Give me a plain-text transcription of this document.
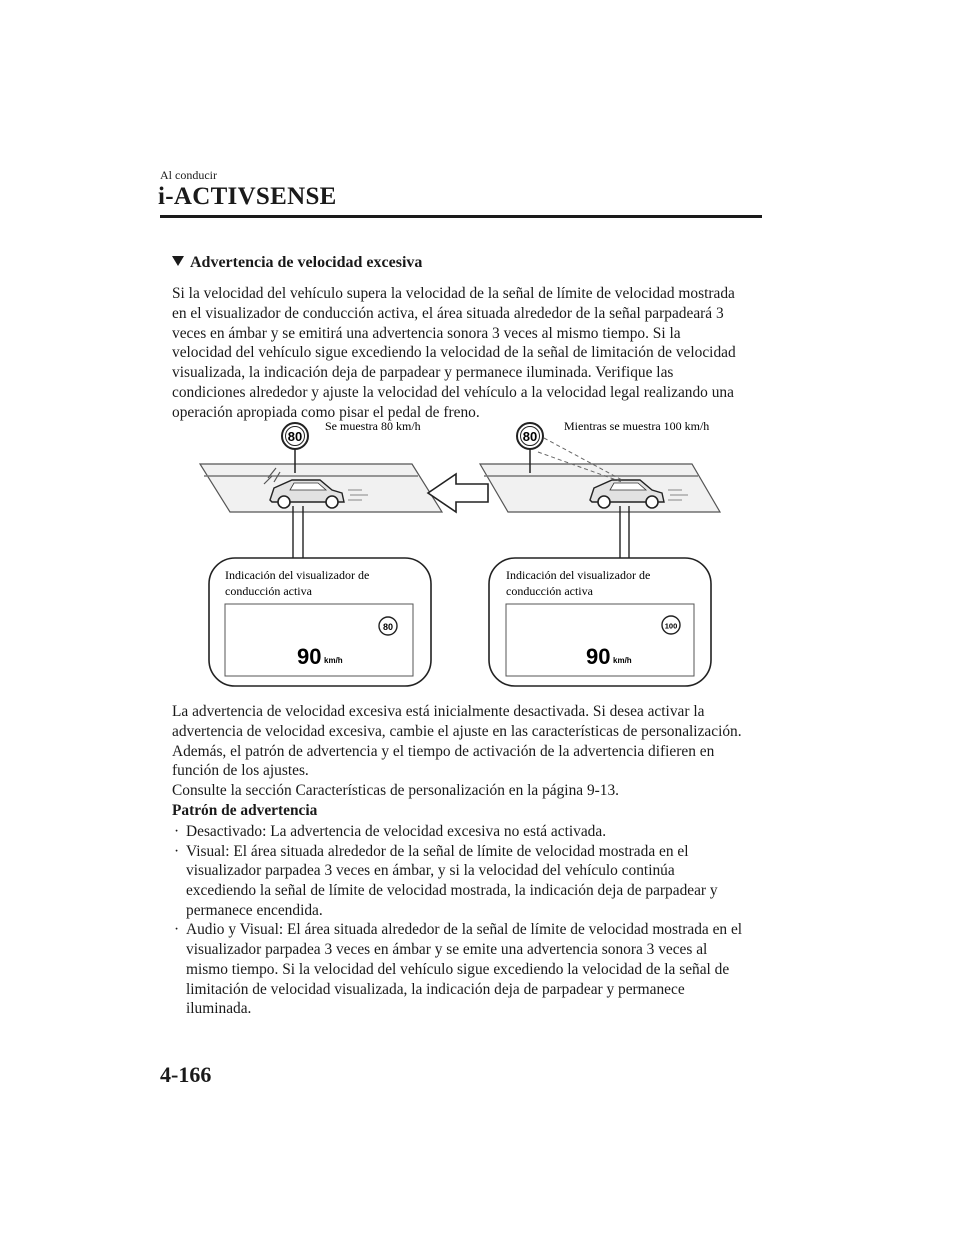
Al conducir
i-ACTIVSENSE
Advertencia de velocidad excesiva
Si la velocidad del vehículo supera la velocidad de la señal de límite de velocidad mostrada
en el visualizador de conducción activa, el área situada alrededor de la señal parpadeará 3
veces en ámbar y se emitirá una advertencia sonora 3 veces al mismo tiempo. Si la
velocidad del vehículo sigue excediendo la velocidad de la señal de limitación de velocidad
visualizada, la indicación deja de parpadear y permanece iluminada. Verifique las
condiciones alrededor y ajuste la velocidad del vehículo a la velocidad legal realizando una
operación apropiada como pisar el pedal de freno.
80
Se muestra 80 km/h
80
Mientras se muestra 100 km/h
Indicación del visualizador de
conducción activa
80
90 km/h
Indicación del visualizador de
conducción activa
100
90 km/h
La advertencia de velocidad excesiva está inicialmente desactivada. Si desea activar la
advertencia de velocidad excesiva, cambie el ajuste en las características de personalización.
Además, el patrón de advertencia y el tiempo de activación de la advertencia difieren en
función de los ajustes.
Consulte la sección Características de personalización en la página 9-13.
Patrón de advertencia
· Desactivado: La advertencia de velocidad excesiva no está activada.
· Visual: El área situada alrededor de la señal de límite de velocidad mostrada en el
visualizador parpadea 3 veces en ámbar, y si la velocidad del vehículo continúa
excediendo la señal de límite de velocidad mostrada, la indicación deja de parpadear y
permanece encendida.
· Audio y Visual: El área situada alrededor de la señal de límite de velocidad mostrada en el
visualizador parpadea 3 veces en ámbar y se emite una advertencia sonora 3 veces al
mismo tiempo. Si la velocidad del vehículo sigue excediendo la velocidad de la señal de
limitación de velocidad visualizada, la indicación deja de parpadear y permanece
iluminada.
4-166
